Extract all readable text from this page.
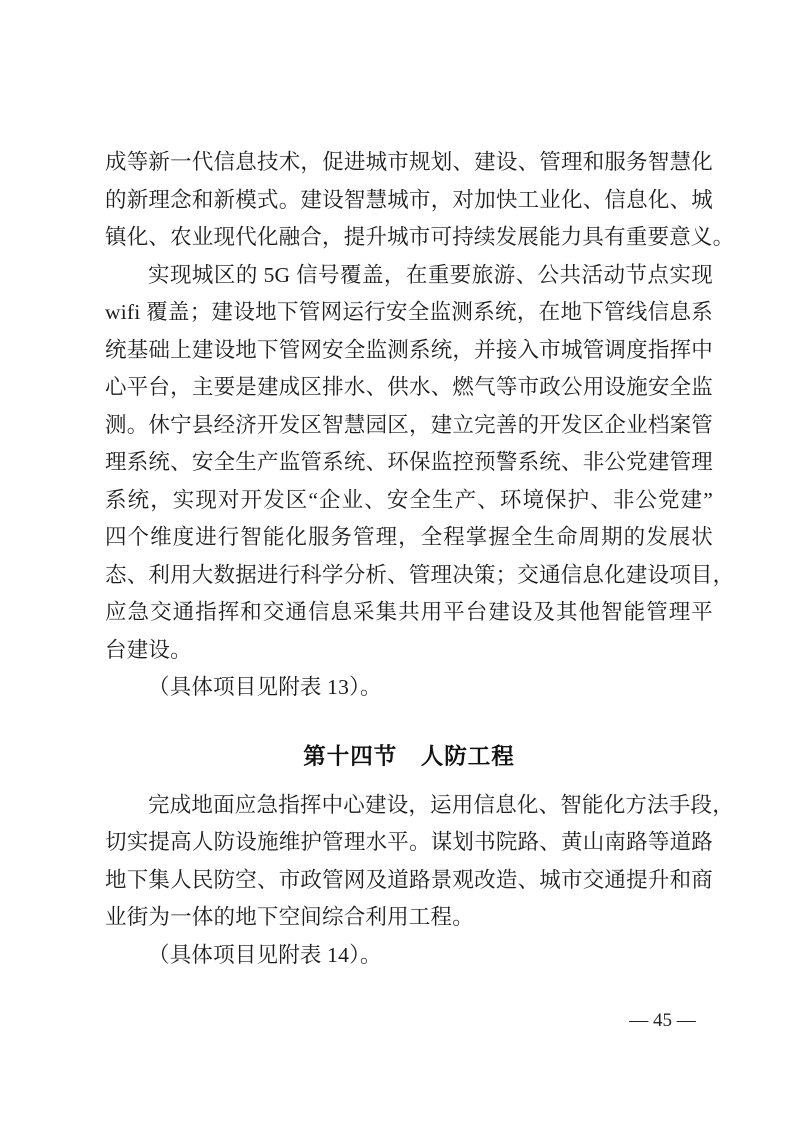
成等新一代信息技术，促进城市规划、建设、管理和服务智慧化
的新理念和新模式。建设智慧城市，对加快工业化、信息化、城
镇化、农业现代化融合，提升城市可持续发展能力具有重要意义。
实现城区的 5G 信号覆盖，在重要旅游、公共活动节点实现
wifi 覆盖；建设地下管网运行安全监测系统，在地下管线信息系
统基础上建设地下管网安全监测系统，并接入市城管调度指挥中
心平台，主要是建成区排水、供水、燃气等市政公用设施安全监
测。休宁县经济开发区智慧园区，建立完善的开发区企业档案管
理系统、安全生产监管系统、环保监控预警系统、非公党建管理
系统，实现对开发区“企业、安全生产、环境保护、非公党建”
四个维度进行智能化服务管理，全程掌握全生命周期的发展状
态、利用大数据进行科学分析、管理决策；交通信息化建设项目，
应急交通指挥和交通信息采集共用平台建设及其他智能管理平
台建设。
（具体项目见附表 13）。
第十四节　人防工程
完成地面应急指挥中心建设，运用信息化、智能化方法手段，
切实提高人防设施维护管理水平。谋划书院路、黄山南路等道路
地下集人民防空、市政管网及道路景观改造、城市交通提升和商
业街为一体的地下空间综合利用工程。
（具体项目见附表 14）。
— 45 —
